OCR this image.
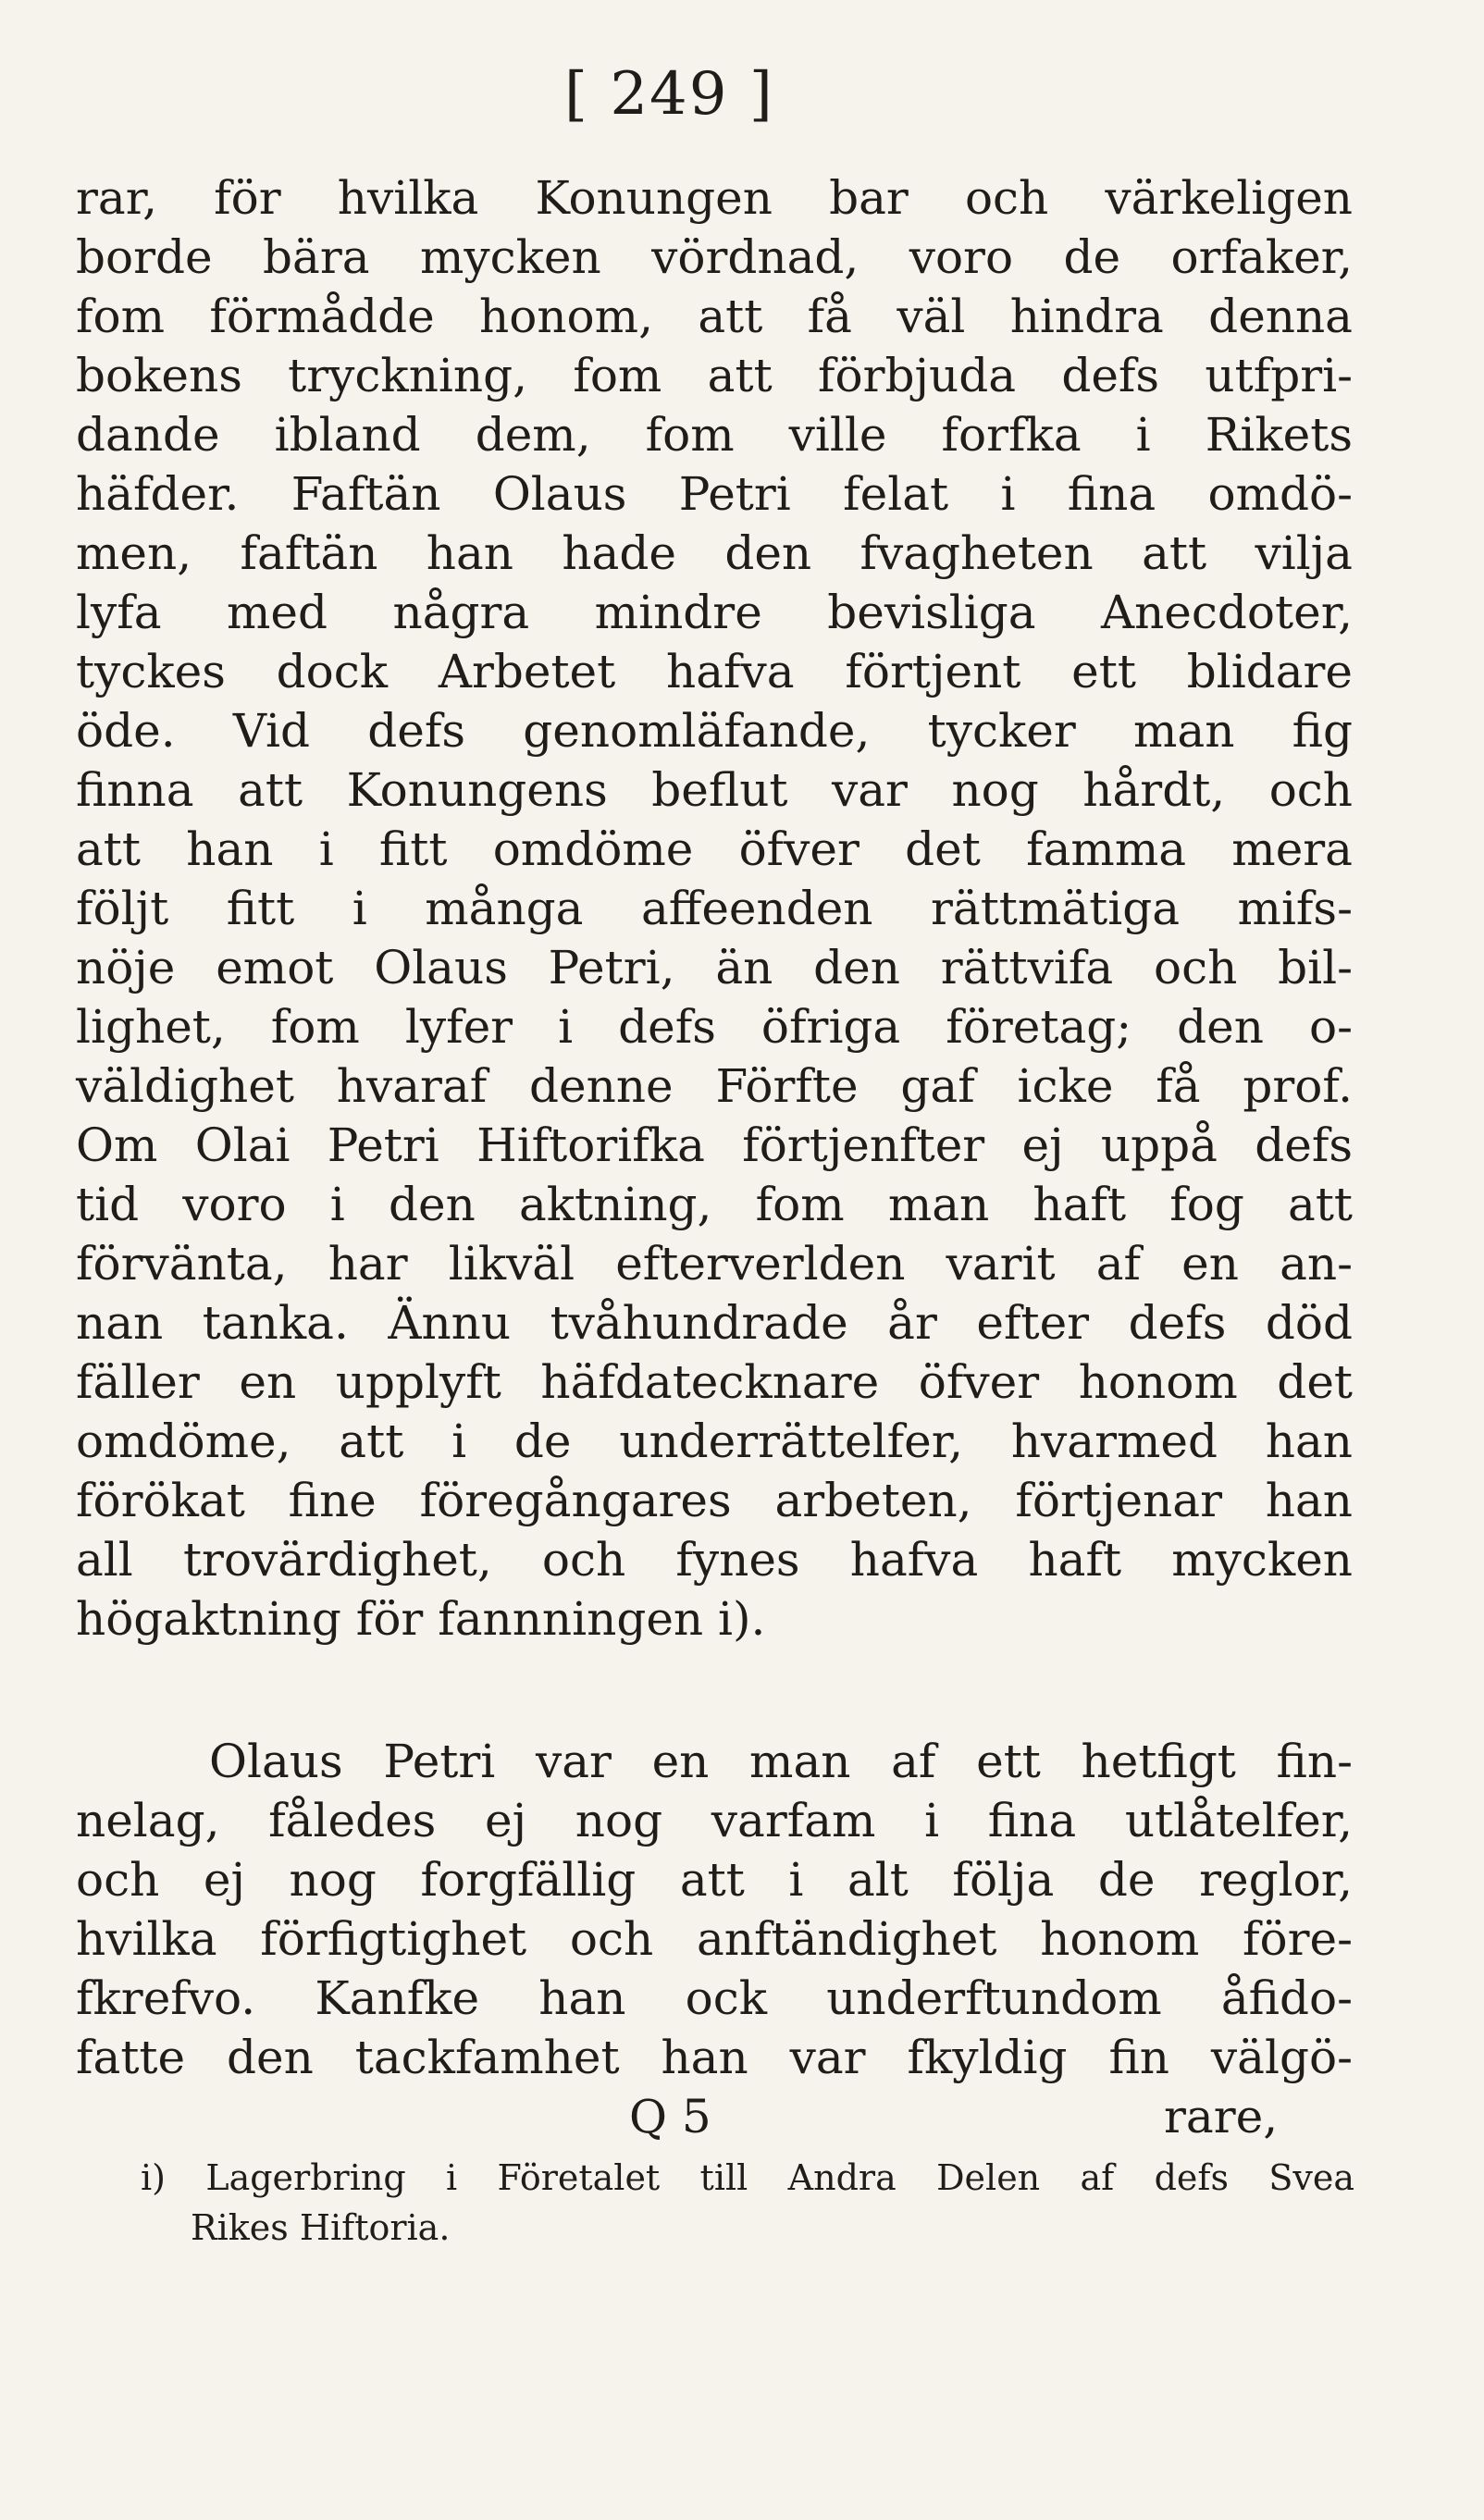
[ 249 ]
rar, för hvilka Konungen bar och värkeligen
borde bära mycken vördnad, voro de orfaker,
fom förmådde honom, att få väl hindra denna
bokens tryckning, fom att förbjuda defs utfpri-
dande ibland dem, fom ville forfka i Rikets
häfder. Faftän Olaus Petri felat i fina omdö-
men, faftän han hade den fvagheten att vilja
lyfa med några mindre bevisliga Anecdoter,
tyckes dock Arbetet hafva förtjent ett blidare
öde. Vid defs genomläfande, tycker man fig
finna att Konungens beflut var nog hårdt, och
att han i fitt omdöme öfver det famma mera
följt fitt i många affeenden rättmätiga mifs-
nöje emot Olaus Petri, än den rättvifa och bil-
lighet, fom lyfer i defs öfriga företag; den o-
väldighet hvaraf denne Förfte gaf icke få prof.
Om Olai Petri Hiftorifka förtjenfter ej uppå defs
tid voro i den aktning, fom man haft fog att
förvänta, har likväl efterverlden varit af en an-
nan tanka. Ännu tvåhundrade år efter defs död
fäller en upplyft häfdatecknare öfver honom det
omdöme, att i de underrättelfer, hvarmed han
förökat fine föregångares arbeten, förtjenar han
all trovärdighet, och fynes hafva haft mycken
högaktning för fannningen i).
Olaus Petri var en man af ett hetfigt fin-
nelag, fåledes ej nog varfam i fina utlåtelfer,
och ej nog forgfällig att i alt följa de reglor,
hvilka förfigtighet och anftändighet honom före-
fkrefvo. Kanfke han ock underftundom åfido-
fatte den tackfamhet han var fkyldig fin välgö-
Q 5	rare,
i) Lagerbring i Företalet till Andra Delen af defs Svea
Rikes Hiftoria.
